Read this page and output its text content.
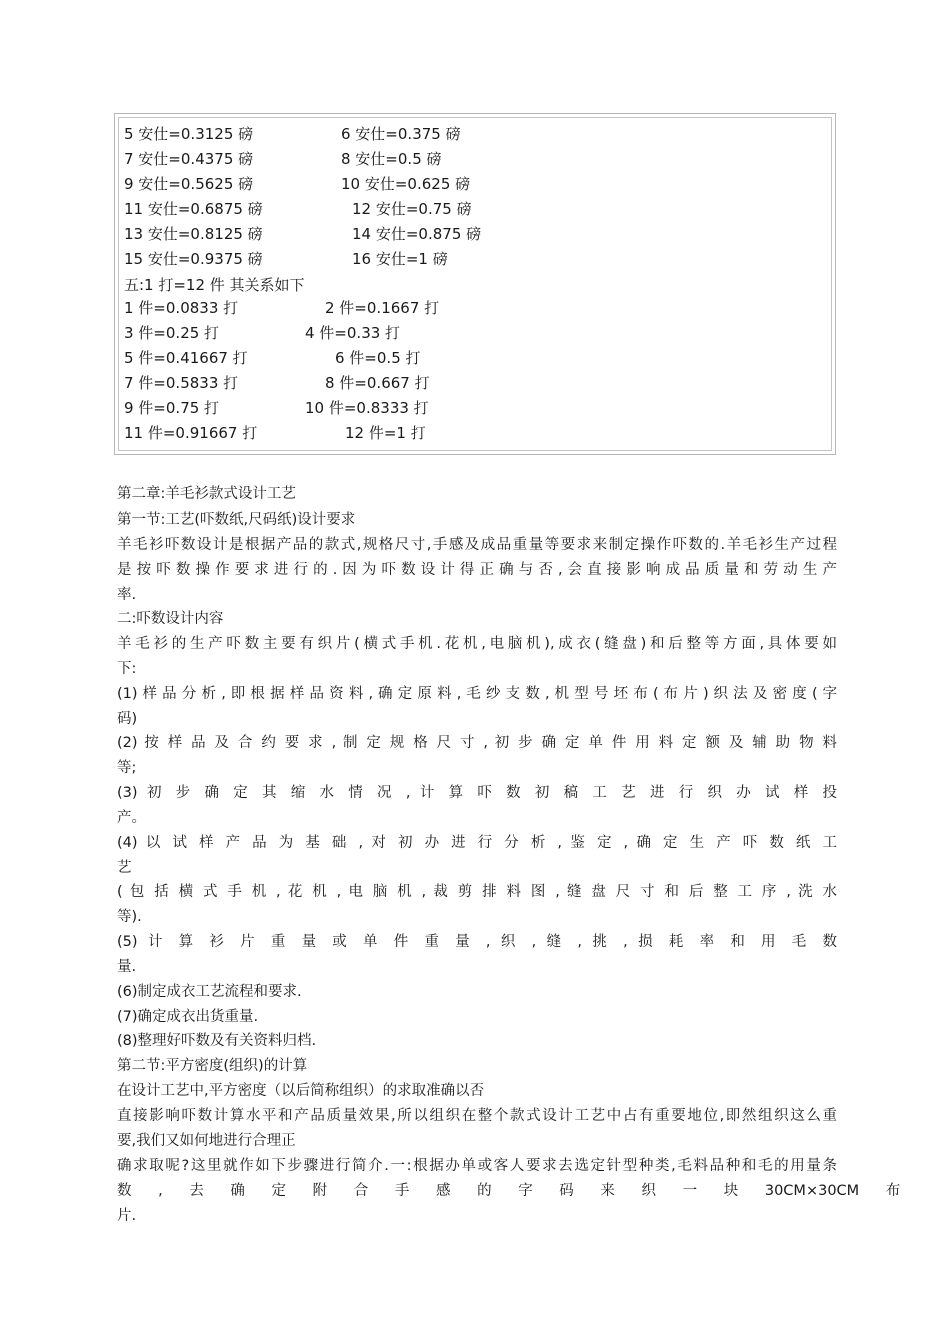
5 安仕=0.3125 磅	6 安仕=0.375 磅
7 安仕=0.4375 磅	8 安仕=0.5 磅
9 安仕=0.5625 磅	10 安仕=0.625 磅
11 安仕=0.6875 磅	12 安仕=0.75 磅
13 安仕=0.8125 磅	14 安仕=0.875 磅
15 安仕=0.9375 磅	16 安仕=1 磅
五:1 打=12 件 其关系如下
1 件=0.0833 打	2 件=0.1667 打
3 件=0.25 打	4 件=0.33 打
5 件=0.41667 打	6 件=0.5 打
7 件=0.5833 打	8 件=0.667 打
9 件=0.75 打	10 件=0.8333 打
11 件=0.91667 打	12 件=1 打
第二章:羊毛衫款式设计工艺
第一节:工艺(吓数纸,尺码纸)设计要求
羊毛衫吓数设计是根据产品的款式,规格尺寸,手感及成品重量等要求来制定操作吓数的.羊毛衫生产过程
是 按 吓 数 操 作 要 求 进 行 的 . 因 为 吓 数 设 计 得 正 确 与 否 , 会 直 接 影 响 成 品 质 量 和 劳 动 生 产
率.
二:吓数设计内容
羊毛衫的生产吓数主要有织片(横式手机.花机,电脑机),成衣(缝盘)和后整等方面,具体要如
下:
(1) 样 品 分 析 , 即 根 据 样 品 资 料 , 确 定 原 料 , 毛 纱 支 数 , 机 型 号 坯 布 ( 布 片 ) 织 法 及 密 度 ( 字
码)
(2) 按 样 品 及 合 约 要 求 , 制 定 规 格 尺 寸 , 初 步 确 定 单 件 用 料 定 额 及 辅 助 物 料
等;
(3) 初 步 确 定 其 缩 水 情 况 , 计 算 吓 数 初 稿 工 艺 进 行 织 办 试 样 投
产。
(4) 以 试 样 产 品 为 基 础 , 对 初 办 进 行 分 析 , 鉴 定 , 确 定 生 产 吓 数 纸 工
艺
( 包 括 横 式 手 机 , 花 机 , 电 脑 机 , 裁 剪 排 料 图 , 缝 盘 尺 寸 和 后 整 工 序 , 洗 水
等).
(5) 计 算 衫 片 重 量 或 单 件 重 量 , 织 , 缝 , 挑 , 损 耗 率 和 用 毛 数
量.
(6)制定成衣工艺流程和要求.
(7)确定成衣出货重量.
(8)整理好吓数及有关资料归档.
第二节:平方密度(组织)的计算
在设计工艺中,平方密度（以后简称组织）的求取准确以否
直接影响吓数计算水平和产品质量效果,所以组织在整个款式设计工艺中占有重要地位,即然组织这么重
要,我们又如何地进行合理正
确求取呢?这里就作如下步骤进行简介.一:根据办单或客人要求去选定针型种类,毛料品种和毛的用量条
数 , 去 确 定 附 合 手 感 的 字 码 来 织 一 块 30CM×30CM 布
片.
